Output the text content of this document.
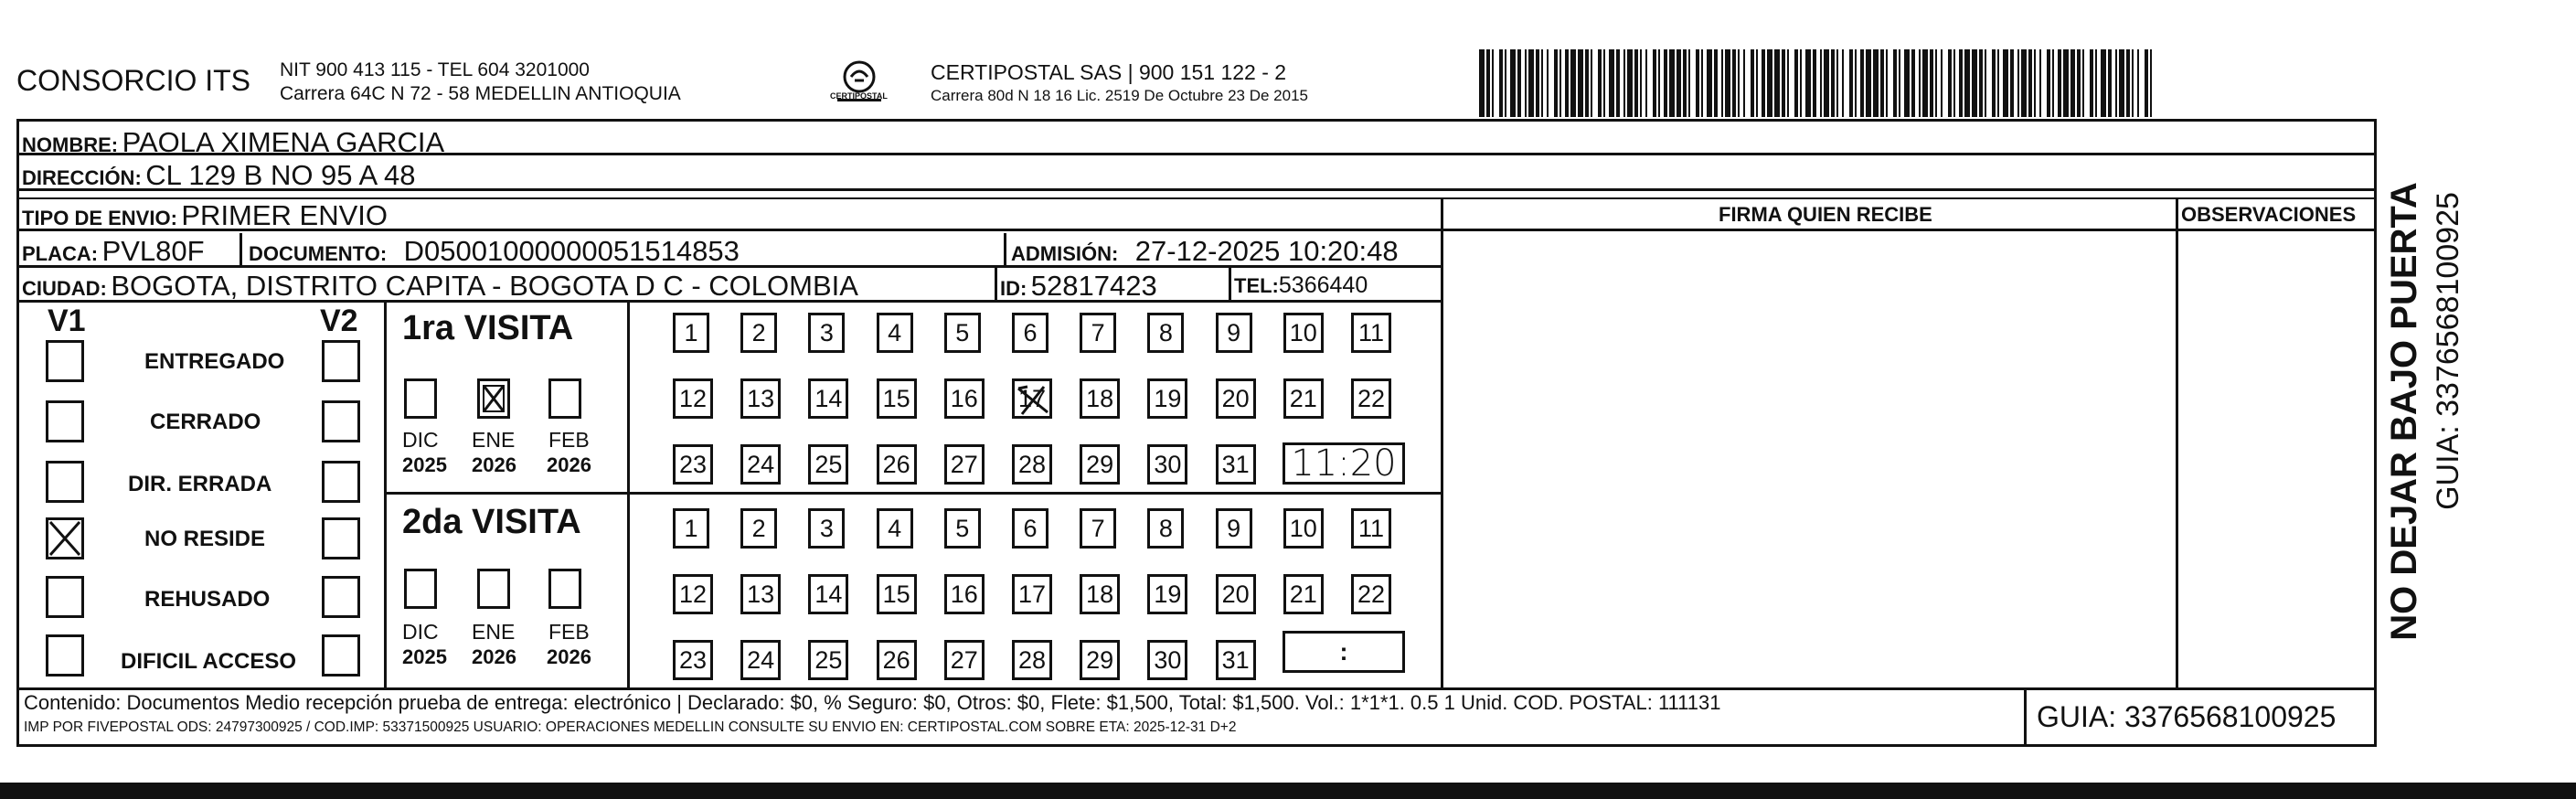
CONSORCIO ITS NIT 900 413 115 - TEL 604 3201000
Carrera 64C N 72 - 58 MEDELLIN ANTIOQUIA	CERTIPOSTAL
CERTIPOSTAL SAS | 900 151 122 - 2
Carrera 80d N 18 16 Lic. 2519 De Octubre 23 De 2015
NOMBRE: PAOLA XIMENA GARCIA
DIRECCIÓN: CL 129 B NO 95 A 48
TIPO DE ENVIO: PRIMER ENVIO	FIRMA QUIEN RECIBE	OBSERVACIONES
PLACA: PVL80F DOCUMENTO: D05001000000051514853	ADMISIÓN: 27-12-2025 10:20:48
CIUDAD: BOGOTA, DISTRITO CAPITA - BOGOTA D C - COLOMBIA	ID: 52817423	TEL:5366440
V1	V2
ENTREGADO
CERRADO
DIR. ERRADA
NO RESIDE
REHUSADO
DIFICIL ACCESO
1ra VISITA
DIC
2025
ENE
2026
FEB
2026
1	2	3	4	5	6	7	8	9	10 11
12 13 14 15 16 17 18 19 20 21 22
23 24 25 26 27 28 29 30 31 11:20
2da VISITA
DIC
2025
ENE
2026
FEB
2026
1	2	3	4	5	6	7	8	9	10 11
12 13 14 15 16 17 18 19 20 21 22
23 24 25 26 27 28 29 30 31	:
Contenido: Documentos Medio recepción prueba de entrega: electrónico | Declarado: $0, % Seguro: $0, Otros: $0, Flete: $1,500, Total: $1,500. Vol.: 1*1*1. 0.5 1 Unid. COD. POSTAL: 111131
IMP POR FIVEPOSTAL ODS: 24797300925 / COD.IMP: 53371500925 USUARIO: OPERACIONES MEDELLIN CONSULTE SU ENVIO EN: CERTIPOSTAL.COM SOBRE ETA: 2025-12-31 D+2	GUIA: 3376568100925
NO DEJAR BAJO PUERTA GUIA: 3376568100925
